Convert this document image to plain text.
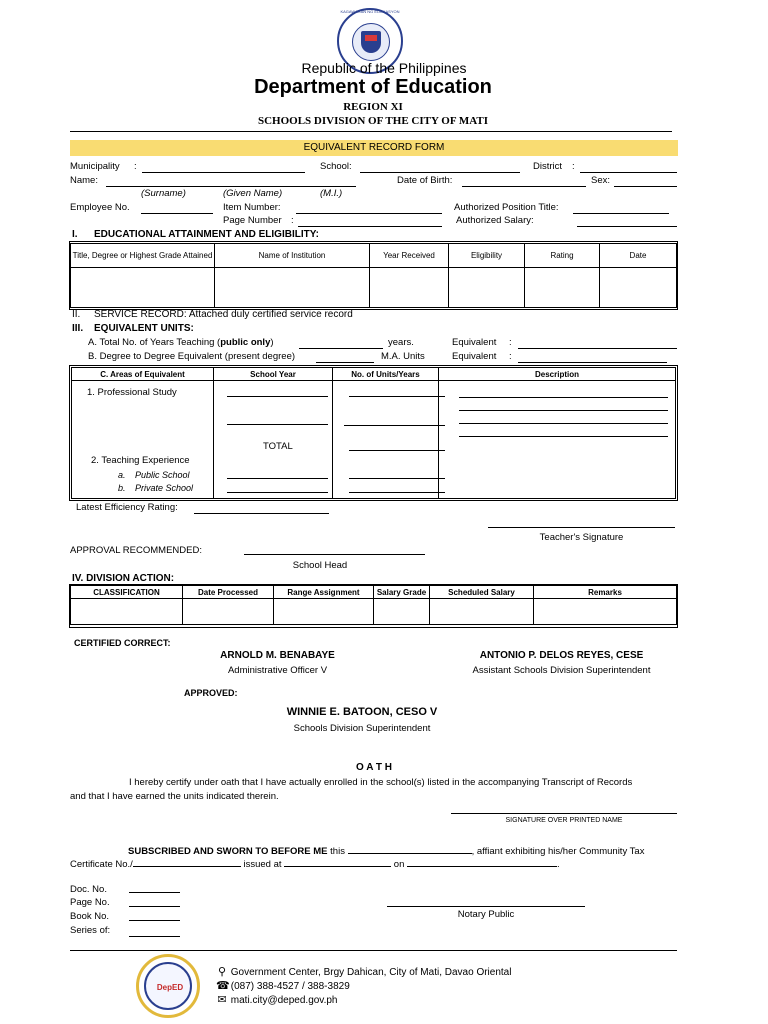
KAGAWARAN NG EDUKASYON
Republic of the Philippines
Department of Education
REGION XI
SCHOOLS DIVISION OF THE CITY OF MATI
EQUIVALENT RECORD FORM
Municipality :	School:	District :
Name:	Date of Birth:	Sex:
(Surname)	(Given Name)	(M.I.)
Employee No.	Item Number:	Authorized Position Title:
Page Number :	Authorized Salary:
I. EDUCATIONAL ATTAINMENT AND ELIGIBILITY:
Title, Degree or Highest Grade Attained	Name of Institution	Year Received	Eligibility	Rating	Date

II. SERVICE RECORD: Attached duly certified service record
III. EQUIVALENT UNITS:
A. Total No. of Years Teaching (public only)	years.	Equivalent :
B. Degree to Degree Equivalent (present degree)	M.A. Units	Equivalent :
C. Areas of Equivalent	School Year	No. of Units/Years	Description

1. Professional Study
TOTAL
2. Teaching Experience
a. Public School
b. Private School
Latest Efficiency Rating:
Teacher's Signature
APPROVAL RECOMMENDED:
School Head
IV. DIVISION ACTION:
CLASSIFICATION	Date Processed	Range Assignment	Salary Grade	Scheduled Salary	Remarks

CERTIFIED CORRECT:
ARNOLD M. BENABAYE
Administrative Officer V
ANTONIO P. DELOS REYES, CESE
Assistant Schools Division Superintendent
APPROVED:
WINNIE E. BATOON, CESO V
Schools Division Superintendent
O A T H
I hereby certify under oath that I have actually enrolled in the school(s) listed in the accompanying Transcript of Records
and that I have earned the units indicated therein.
SIGNATURE OVER PRINTED NAME
SUBSCRIBED AND SWORN TO BEFORE ME this	, affiant exhibiting his/her Community Tax
Certificate No./	issued at	on	.
Doc. No.
Page No.
Book No.
Series of:
Notary Public
DepED
⚲ Government Center, Brgy Dahican, City of Mati, Davao Oriental
☎ (087) 388-4527 / 388-3829
✉ mati.city@deped.gov.ph
